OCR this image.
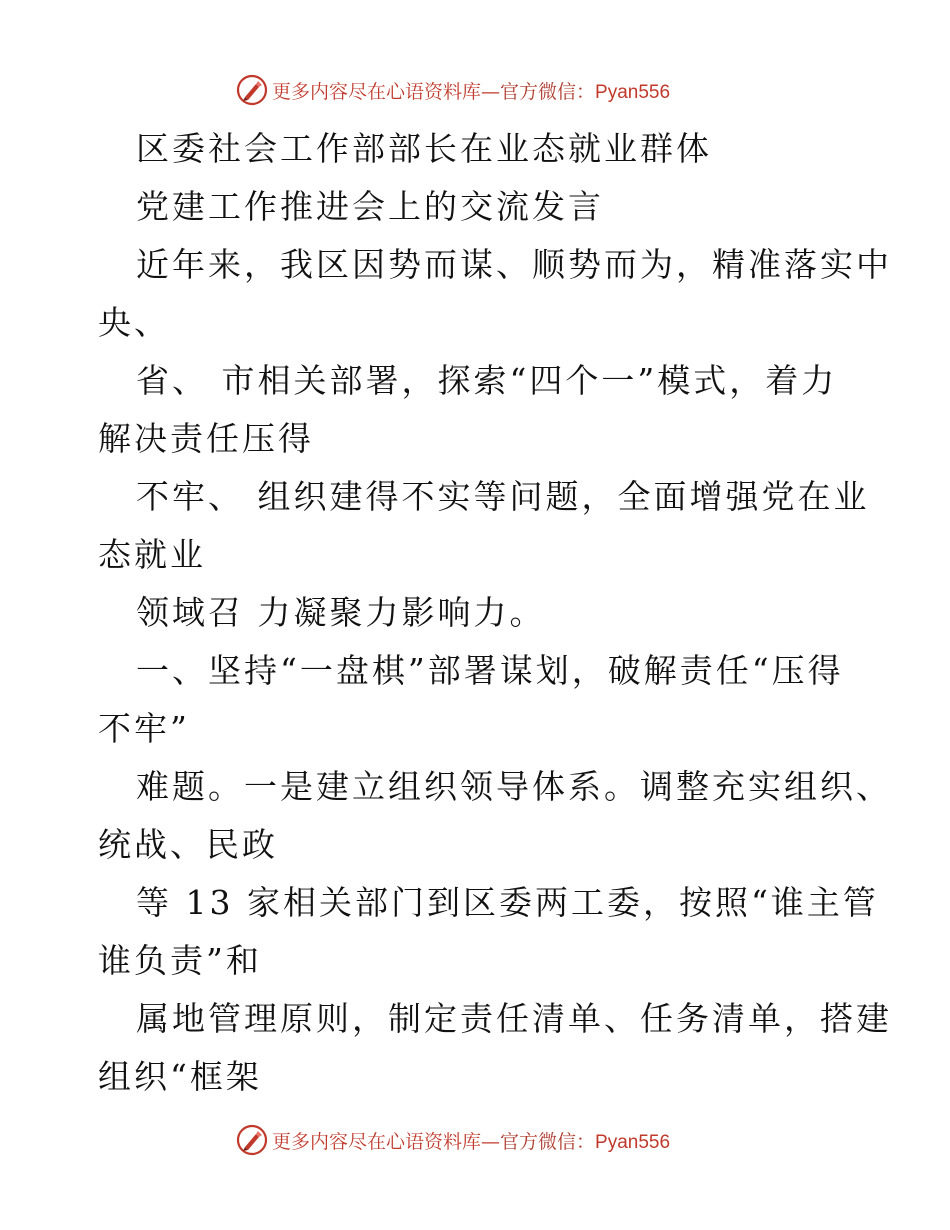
更多内容尽在心语资料库—官方微信：Pyan556
区委社会工作部部长在业态就业群体
党建工作推进会上的交流发言
近年来，我区因势而谋、顺势而为，精准落实中
央、
省、 市相关部署，探索“四个一”模式，着力
解决责任压得
不牢、 组织建得不实等问题，全面增强党在业
态就业
领域召 力凝聚力影响力。
一、坚持“一盘棋”部署谋划，破解责任“压得
不牢”
难题。一是建立组织领导体系。调整充实组织、
统战、民政
等 13 家相关部门到区委两工委，按照“谁主管
谁负责”和
属地管理原则，制定责任清单、任务清单，搭建
组织“框架
更多内容尽在心语资料库—官方微信：Pyan556
